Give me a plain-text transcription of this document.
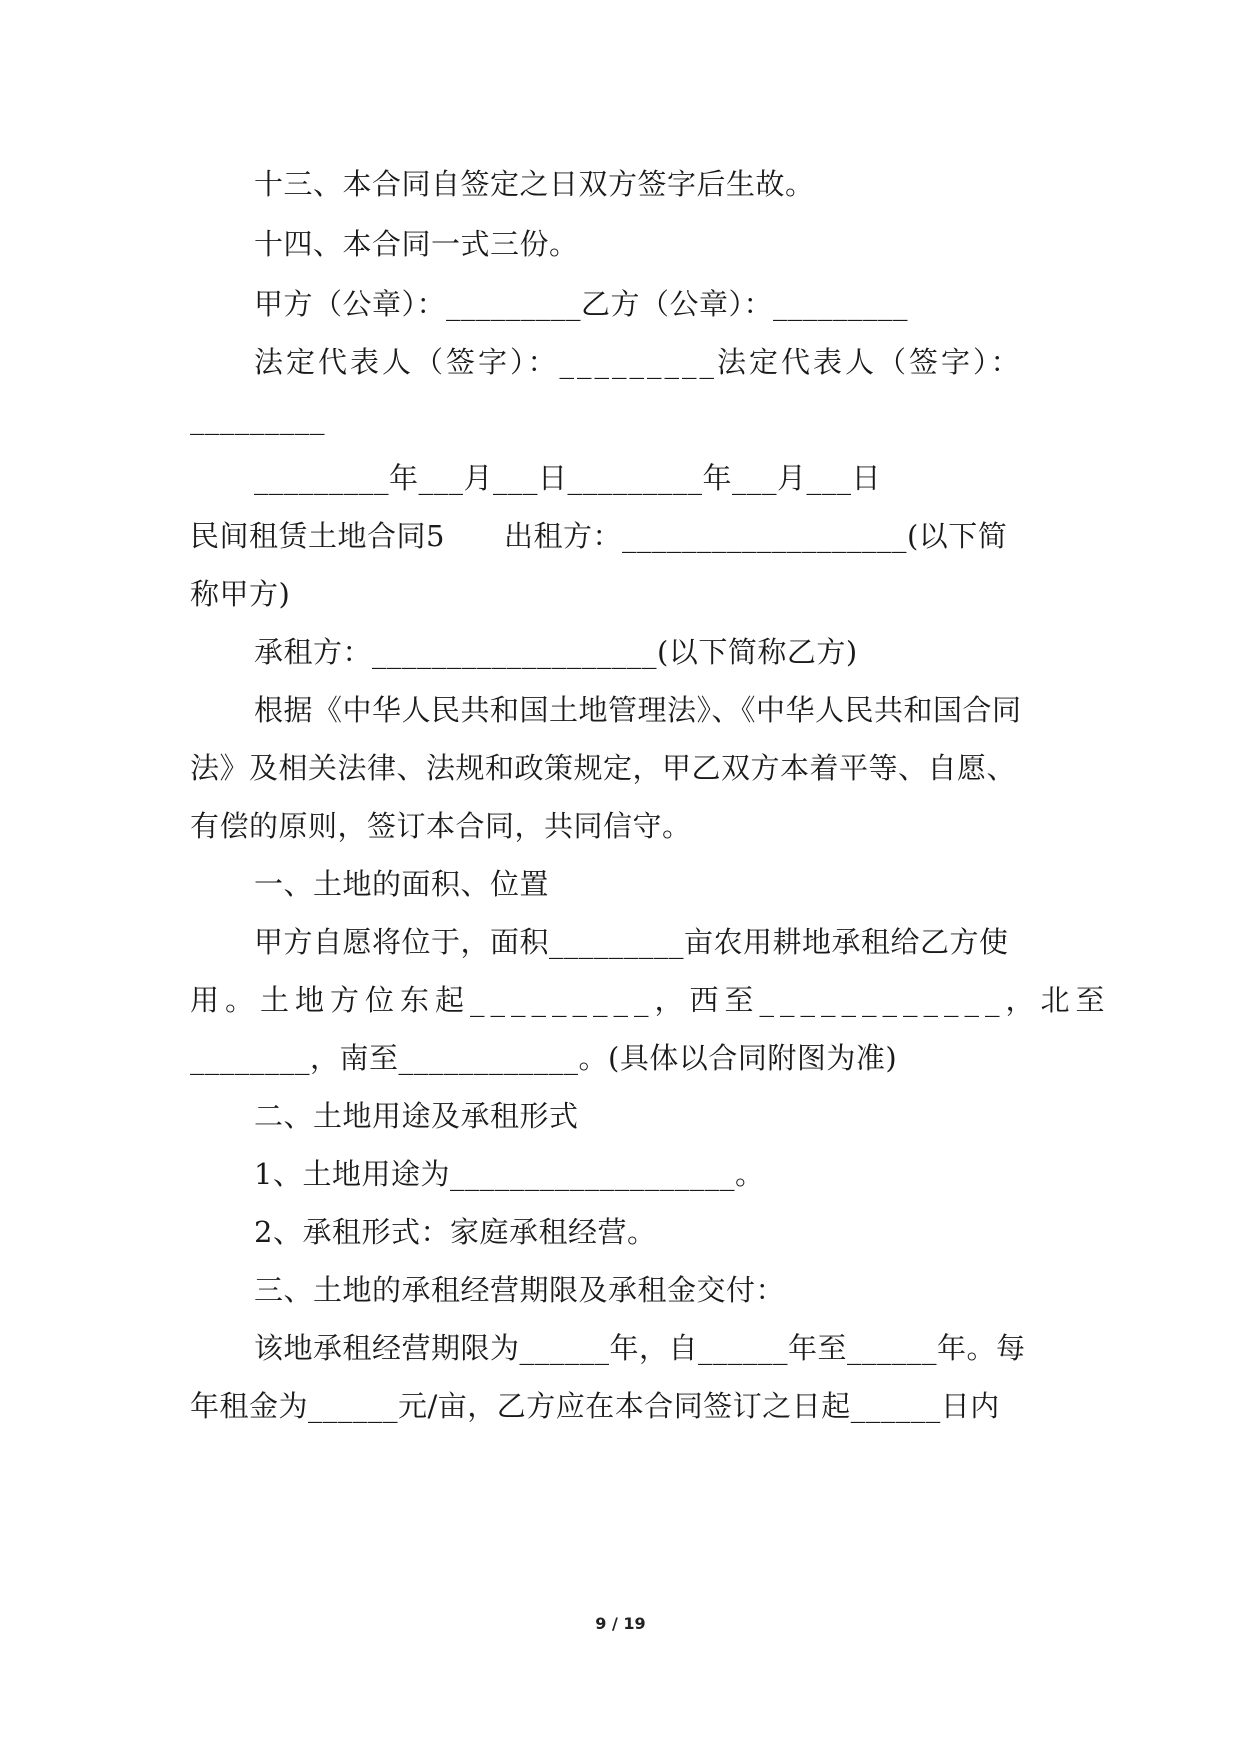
十三、本合同自签定之日双方签字后生故。
十四、本合同一式三份。
甲方（公章）：_________乙方（公章）：_________
法定代表人（签字）：_________法定代表人（签字）：
_________
_________年___月___日_________年___月___日
民间租赁土地合同5　　出租方：___________________(以下简
称甲方)
承租方：___________________(以下简称乙方)
根据《中华人民共和国土地管理法》、《中华人民共和国合同
法》及相关法律、法规和政策规定，甲乙双方本着平等、自愿、
有偿的原则，签订本合同，共同信守。
一、土地的面积、位置
甲方自愿将位于，面积_________亩农用耕地承租给乙方使
用。土地方位东起_________，西至____________，北至
________，南至____________。(具体以合同附图为准)
二、土地用途及承租形式
1、土地用途为___________________。
2、承租形式：家庭承租经营。
三、土地的承租经营期限及承租金交付：
该地承租经营期限为______年，自______年至______年。每
年租金为______元/亩，乙方应在本合同签订之日起______日内
9 / 19
